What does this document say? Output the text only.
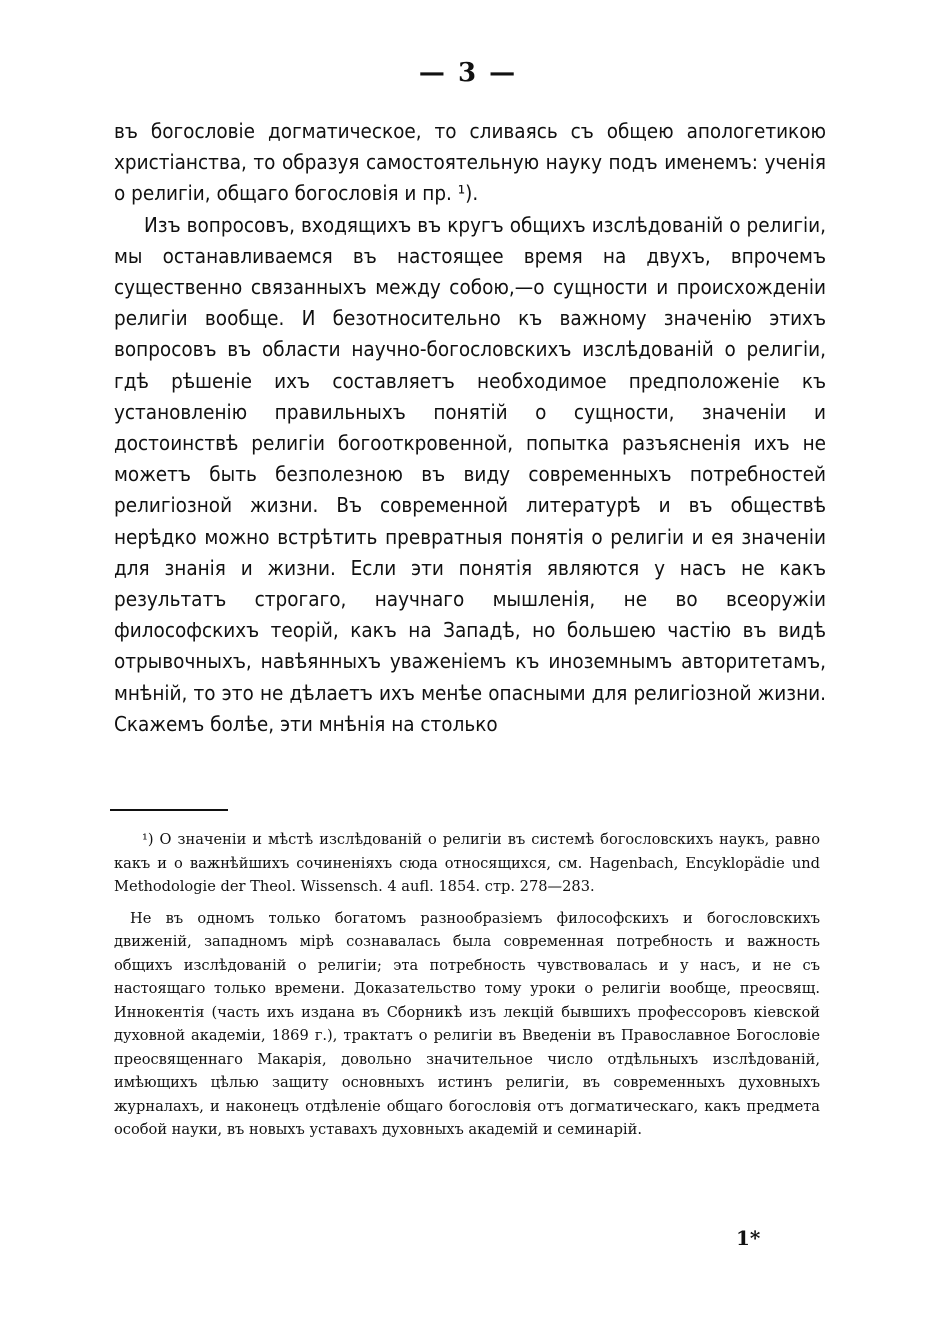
— 3 —

въ богословіе догматическое, то сливаясь съ общею апологетикою христіанства, то образуя самостоятельную науку подъ именемъ: ученія о религіи, общаго богословія и пр. ¹).

Изъ вопросовъ, входящихъ въ кругъ общихъ изслѣдованій о религіи, мы останавливаемся въ настоящее время на двухъ, впрочемъ существенно связанныхъ между собою,—о сущности и происхожденіи религіи вообще. И безотносительно къ важному значенію этихъ вопросовъ въ области научно-богословскихъ изслѣдованій о религіи, гдѣ рѣшеніе ихъ составляетъ необходимое предположеніе къ установленію правильныхъ понятій о сущности, значеніи и достоинствѣ религіи богооткровенной, попытка разъясненія ихъ не можетъ быть безполезною въ виду современныхъ потребностей религіозной жизни. Въ современной литературѣ и въ обществѣ нерѣдко можно встрѣтить превратныя понятія о религіи и ея значеніи для знанія и жизни. Если эти понятія являются у насъ не какъ результатъ строгаго, научнаго мышленія, не во всеоружіи философскихъ теорій, какъ на Западѣ, но большею частію въ видѣ отрывочныхъ, навѣянныхъ уваженіемъ къ иноземнымъ авторитетамъ, мнѣній, то это не дѣлаетъ ихъ менѣе опасными для религіозной жизни. Скажемъ болѣе, эти мнѣнія на столько

¹) О значеніи и мѣстѣ изслѣдованій о религіи въ системѣ богословскихъ наукъ, равно какъ и о важнѣйшихъ сочиненіяхъ сюда относящихся, см. Hagenbach, Encyklopädie und Methodologie der Theol. Wissensch. 4 aufl. 1854. стр. 278—283.

Не въ одномъ только богатомъ разнообразіемъ философскихъ и богословскихъ движеній, западномъ мірѣ сознавалась была современная потребность и важность общихъ изслѣдованій о религіи; эта потребность чувствовалась и у насъ, и не съ настоящаго только времени. Доказательство тому уроки о религіи вообще, преосвящ. Иннокентія (часть ихъ издана въ Сборникѣ изъ лекцій бывшихъ профессоровъ кіевской духовной академіи, 1869 г.), трактатъ о религіи въ Введеніи въ Православное Богословіе преосвященнаго Макарія, довольно значительное число отдѣльныхъ изслѣдованій, имѣющихъ цѣлью защиту основныхъ истинъ религіи, въ современныхъ духовныхъ журналахъ, и наконецъ отдѣленіе общаго богословія отъ догматическаго, какъ предмета особой науки, въ новыхъ уставахъ духовныхъ академій и семинарій.

1*
